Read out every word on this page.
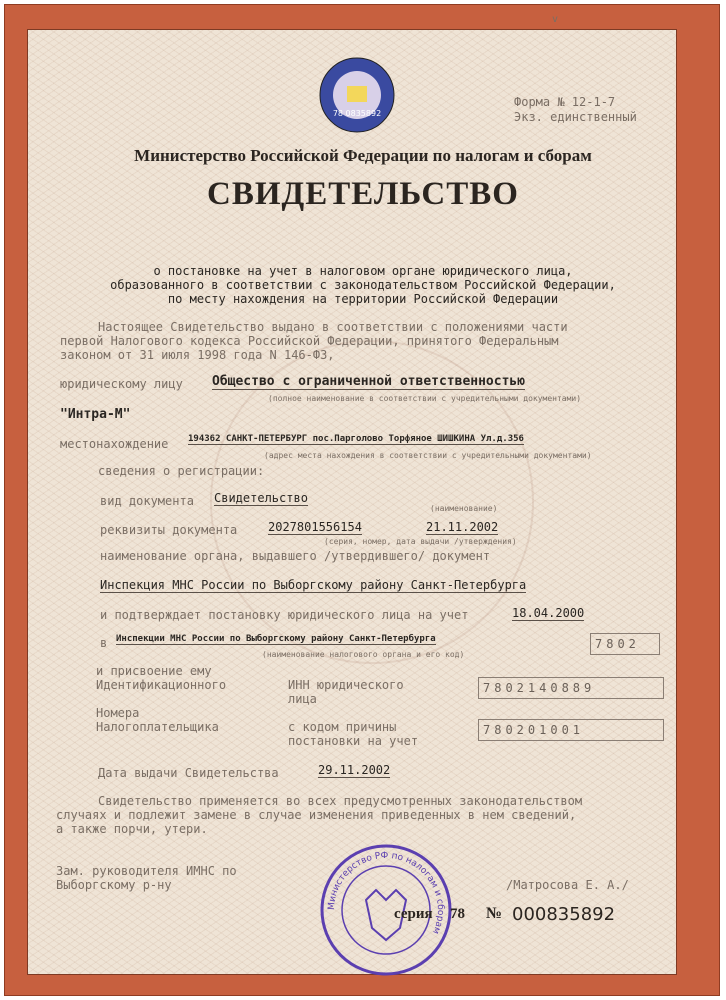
78 0835892
v
Форма № 12-1-7
Экз. единственный
Министерство Российской Федерации по налогам и сборам
СВИДЕТЕЛЬСТВО
о постановке на учет в налоговом органе юридического лица,
образованного в соответствии с законодательством Российской Федерации,
по месту нахождения на территории Российской Федерации
Настоящее Свидетельство выдано в соответствии с положениями части
первой Налогового кодекса Российской Федерации, принятого Федеральным
законом от 31 июля 1998 года N 146-ФЗ,
юридическому лицу Общество с ограниченной ответственностью
(полное наименование в соответствии с учредительными документами)
"Интра-М"
местонахождение 194362 САНКТ-ПЕТЕРБУРГ пос.Парголово Торфяное ШИШКИНА Ул.д.356
(адрес места нахождения в соответствии с учредительными документами)
сведения о регистрации:
вид документа Свидетельство
(наименование)
реквизиты документа	2027801556154	21.11.2002
(серия, номер, дата выдачи /утверждения)
наименование органа, выдавшего /утвердившего/ документ
Инспекция МНС России по Выборгскому району Санкт-Петербурга
и подтверждает постановку юридического лица на учет	18.04.2000
в Инспекции МНС России по Выборгскому району Санкт-Петербурга
(наименование налогового органа и его код)
7802
и присвоение ему
Идентификационного
Номера
Налогоплательщика
ИНН юридического
лица
7802140889
с кодом причины
постановки на учет
780201001
Дата выдачи Свидетельства	29.11.2002
Свидетельство применяется во всех предусмотренных законодательством
случаях и подлежит замене в случае изменения приведенных в нем сведений,
а также порчи, утери.
Зам. руководителя ИМНС по
Выборгскому р-ну	/Матросова Е. А./
Министерство РФ по налогам и сборам
серия 78 № 000835892
